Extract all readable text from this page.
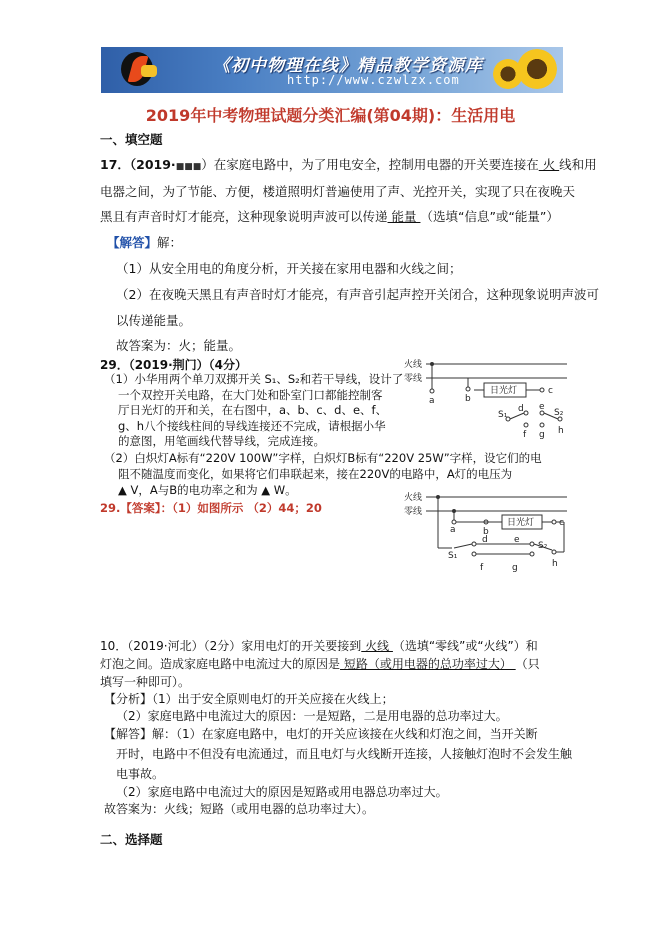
《初中物理在线》精品教学资源库
http://www.czwlzx.com
2019年中考物理试题分类汇编(第04期)：生活用电
一、填空题
17．（2019·■■■）在家庭电路中，为了用电安全，控制用电器的开关要连接在 火 线和用
电器之间，为了节能、方便，楼道照明灯普遍使用了声、光控开关，实现了只在夜晚天
黑且有声音时灯才能亮，这种现象说明声波可以传递 能量 （选填“信息”或“能量”）
【解答】解：
（1）从安全用电的角度分析，开关接在家用电器和火线之间；
（2）在夜晚天黑且有声音时灯才能亮，有声音引起声控开关闭合，这种现象说明声波可
以传递能量。
故答案为：火；能量。
29．（2019·荆门）（4分）
（1）小华用两个单刀双掷开关 S₁、S₂和若干导线，设计了
一个双控开关电路，在大门处和卧室门口都能控制客
厅日光灯的开和关，在右图中，a、b、c、d、e、f、
g、h八个接线柱间的导线连接还不完成，请根据小华
的意图，用笔画线代替导线，完成连接。
（2）白炽灯A标有“220V 100W”字样，白炽灯B标有“220V 25W”字样，设它们的电
阻不随温度而变化，如果将它们串联起来，接在220V的电路中，A灯的电压为
▲ V，A与B的电功率之和为 ▲ W。
29.【答案】：（1）如图所示 （2）44；20
火线
零线
a	b
日光灯	c
S₁
d
f
e
g
S₂
h
火线
零线
a	b
日光灯	c
S₁
d
f
e
g
S₂
h
10．（2019·河北）（2分）家用电灯的开关要接到 火线 （选填“零线”或“火线”）和
灯泡之间。造成家庭电路中电流过大的原因是 短路（或用电器的总功率过大） （只
填写一种即可）。
【分析】（1）出于安全原则电灯的开关应接在火线上；
（2）家庭电路中电流过大的原因：一是短路，二是用电器的总功率过大。
【解答】解：（1）在家庭电路中，电灯的开关应该接在火线和灯泡之间，当开关断
开时，电路中不但没有电流通过，而且电灯与火线断开连接，人接触灯泡时不会发生触
电事故。
（2）家庭电路中电流过大的原因是短路或用电器总功率过大。
故答案为：火线；短路（或用电器的总功率过大）。
二、选择题
